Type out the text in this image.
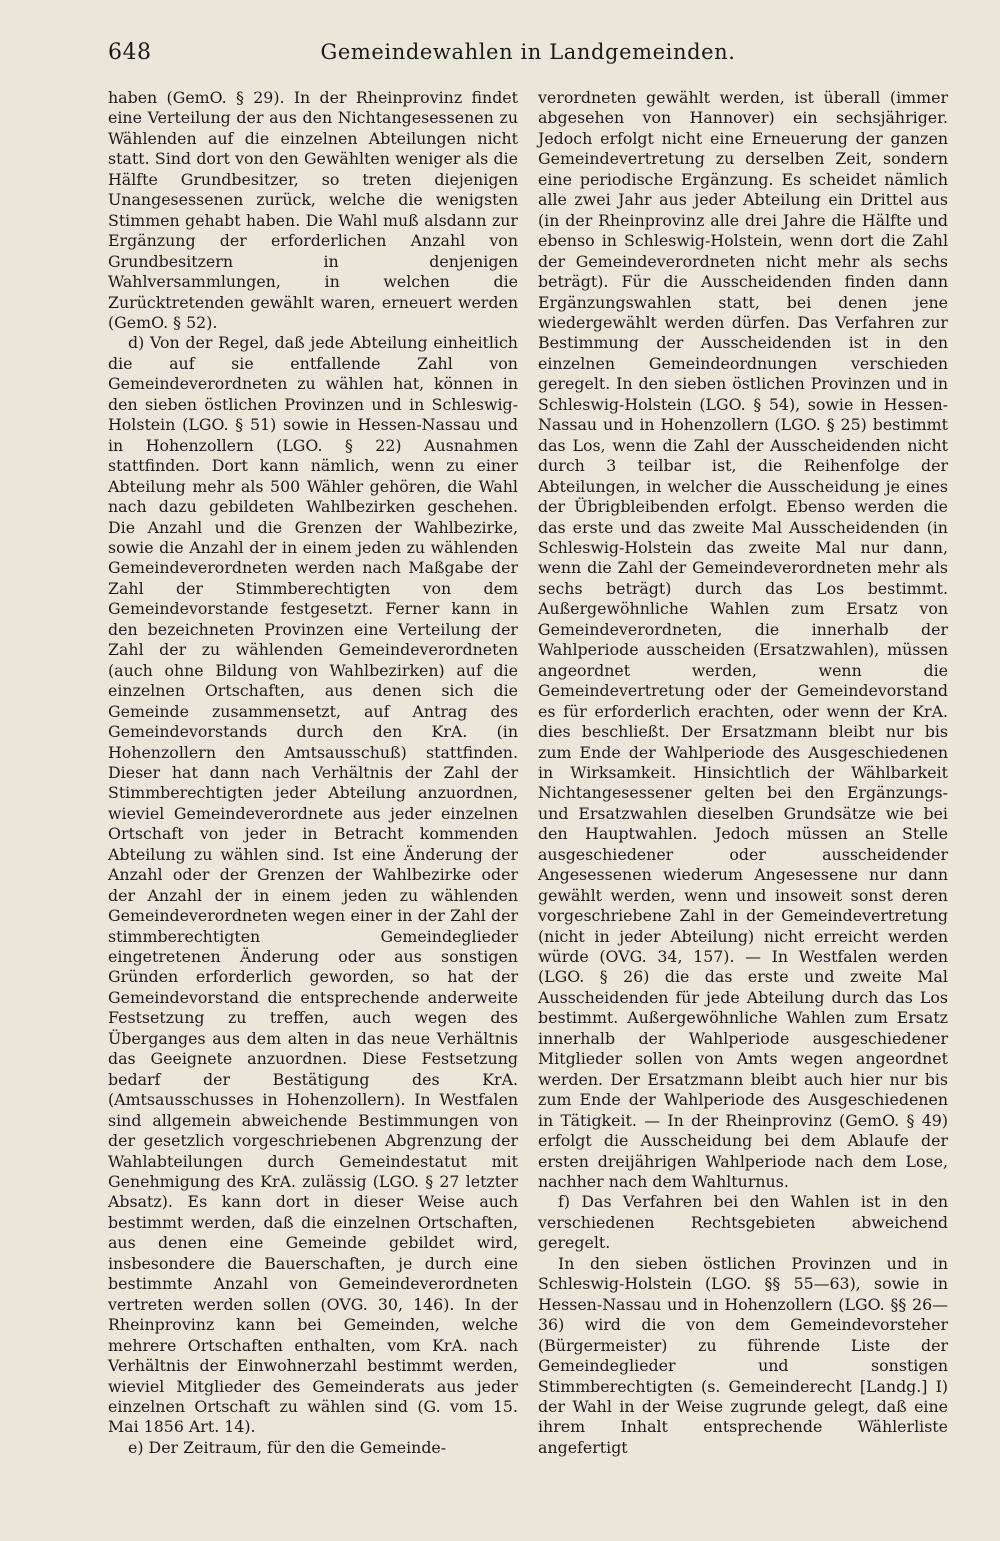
648	Gemeindewahlen in Landgemeinden.

haben (GemO. § 29). In der Rheinprovinz findet eine Verteilung der aus den Nichtangesessenen zu Wählenden auf die einzelnen Abteilungen nicht statt. Sind dort von den Gewählten weniger als die Hälfte Grundbesitzer, so treten diejenigen Unangesessenen zurück, welche die wenigsten Stimmen gehabt haben. Die Wahl muß alsdann zur Ergänzung der erforderlichen Anzahl von Grundbesitzern in denjenigen Wahlversammlungen, in welchen die Zurücktretenden gewählt waren, erneuert werden (GemO. § 52).

d) Von der Regel, daß jede Abteilung einheitlich die auf sie entfallende Zahl von Gemeindeverordneten zu wählen hat, können in den sieben östlichen Provinzen und in Schleswig-Holstein (LGO. § 51) sowie in Hessen-Nassau und in Hohenzollern (LGO. § 22) Ausnahmen stattfinden. Dort kann nämlich, wenn zu einer Abteilung mehr als 500 Wähler gehören, die Wahl nach dazu gebildeten Wahlbezirken geschehen. Die Anzahl und die Grenzen der Wahlbezirke, sowie die Anzahl der in einem jeden zu wählenden Gemeindeverordneten werden nach Maßgabe der Zahl der Stimmberechtigten von dem Gemeindevorstande festgesetzt. Ferner kann in den bezeichneten Provinzen eine Verteilung der Zahl der zu wählenden Gemeindeverordneten (auch ohne Bildung von Wahlbezirken) auf die einzelnen Ortschaften, aus denen sich die Gemeinde zusammensetzt, auf Antrag des Gemeindevorstands durch den KrA. (in Hohenzollern den Amtsausschuß) stattfinden. Dieser hat dann nach Verhältnis der Zahl der Stimmberechtigten jeder Abteilung anzuordnen, wieviel Gemeindeverordnete aus jeder einzelnen Ortschaft von jeder in Betracht kommenden Abteilung zu wählen sind. Ist eine Änderung der Anzahl oder der Grenzen der Wahlbezirke oder der Anzahl der in einem jeden zu wählenden Gemeindeverordneten wegen einer in der Zahl der stimmberechtigten Gemeindeglieder eingetretenen Änderung oder aus sonstigen Gründen erforderlich geworden, so hat der Gemeindevorstand die entsprechende anderweite Festsetzung zu treffen, auch wegen des Überganges aus dem alten in das neue Verhältnis das Geeignete anzuordnen. Diese Festsetzung bedarf der Bestätigung des KrA. (Amtsausschusses in Hohenzollern). In Westfalen sind allgemein abweichende Bestimmungen von der gesetzlich vorgeschriebenen Abgrenzung der Wahlabteilungen durch Gemeindestatut mit Genehmigung des KrA. zulässig (LGO. § 27 letzter Absatz). Es kann dort in dieser Weise auch bestimmt werden, daß die einzelnen Ortschaften, aus denen eine Gemeinde gebildet wird, insbesondere die Bauerschaften, je durch eine bestimmte Anzahl von Gemeindeverordneten vertreten werden sollen (OVG. 30, 146). In der Rheinprovinz kann bei Gemeinden, welche mehrere Ortschaften enthalten, vom KrA. nach Verhältnis der Einwohnerzahl bestimmt werden, wieviel Mitglieder des Gemeinderats aus jeder einzelnen Ortschaft zu wählen sind (G. vom 15. Mai 1856 Art. 14).

e) Der Zeitraum, für den die Gemeinde-

verordneten gewählt werden, ist überall (immer abgesehen von Hannover) ein sechsjähriger. Jedoch erfolgt nicht eine Erneuerung der ganzen Gemeindevertretung zu derselben Zeit, sondern eine periodische Ergänzung. Es scheidet nämlich alle zwei Jahr aus jeder Abteilung ein Drittel aus (in der Rheinprovinz alle drei Jahre die Hälfte und ebenso in Schleswig-Holstein, wenn dort die Zahl der Gemeindeverordneten nicht mehr als sechs beträgt). Für die Ausscheidenden finden dann Ergänzungswahlen statt, bei denen jene wiedergewählt werden dürfen. Das Verfahren zur Bestimmung der Ausscheidenden ist in den einzelnen Gemeindeordnungen verschieden geregelt. In den sieben östlichen Provinzen und in Schleswig-Holstein (LGO. § 54), sowie in Hessen-Nassau und in Hohenzollern (LGO. § 25) bestimmt das Los, wenn die Zahl der Ausscheidenden nicht durch 3 teilbar ist, die Reihenfolge der Abteilungen, in welcher die Ausscheidung je eines der Übrigbleibenden erfolgt. Ebenso werden die das erste und das zweite Mal Ausscheidenden (in Schleswig-Holstein das zweite Mal nur dann, wenn die Zahl der Gemeindeverordneten mehr als sechs beträgt) durch das Los bestimmt. Außergewöhnliche Wahlen zum Ersatz von Gemeindeverordneten, die innerhalb der Wahlperiode ausscheiden (Ersatzwahlen), müssen angeordnet werden, wenn die Gemeindevertretung oder der Gemeindevorstand es für erforderlich erachten, oder wenn der KrA. dies beschließt. Der Ersatzmann bleibt nur bis zum Ende der Wahlperiode des Ausgeschiedenen in Wirksamkeit. Hinsichtlich der Wählbarkeit Nichtangesessener gelten bei den Ergänzungs- und Ersatzwahlen dieselben Grundsätze wie bei den Hauptwahlen. Jedoch müssen an Stelle ausgeschiedener oder ausscheidender Angesessenen wiederum Angesessene nur dann gewählt werden, wenn und insoweit sonst deren vorgeschriebene Zahl in der Gemeindevertretung (nicht in jeder Abteilung) nicht erreicht werden würde (OVG. 34, 157). — In Westfalen werden (LGO. § 26) die das erste und zweite Mal Ausscheidenden für jede Abteilung durch das Los bestimmt. Außergewöhnliche Wahlen zum Ersatz innerhalb der Wahlperiode ausgeschiedener Mitglieder sollen von Amts wegen angeordnet werden. Der Ersatzmann bleibt auch hier nur bis zum Ende der Wahlperiode des Ausgeschiedenen in Tätigkeit. — In der Rheinprovinz (GemO. § 49) erfolgt die Ausscheidung bei dem Ablaufe der ersten dreijährigen Wahlperiode nach dem Lose, nachher nach dem Wahlturnus.

f) Das Verfahren bei den Wahlen ist in den verschiedenen Rechtsgebieten abweichend geregelt.

In den sieben östlichen Provinzen und in Schleswig-Holstein (LGO. §§ 55—63), sowie in Hessen-Nassau und in Hohenzollern (LGO. §§ 26—36) wird die von dem Gemeindevorsteher (Bürgermeister) zu führende Liste der Gemeindeglieder und sonstigen Stimmberechtigten (s. Gemeinderecht [Landg.] I) der Wahl in der Weise zugrunde gelegt, daß eine ihrem Inhalt entsprechende Wählerliste angefertigt
